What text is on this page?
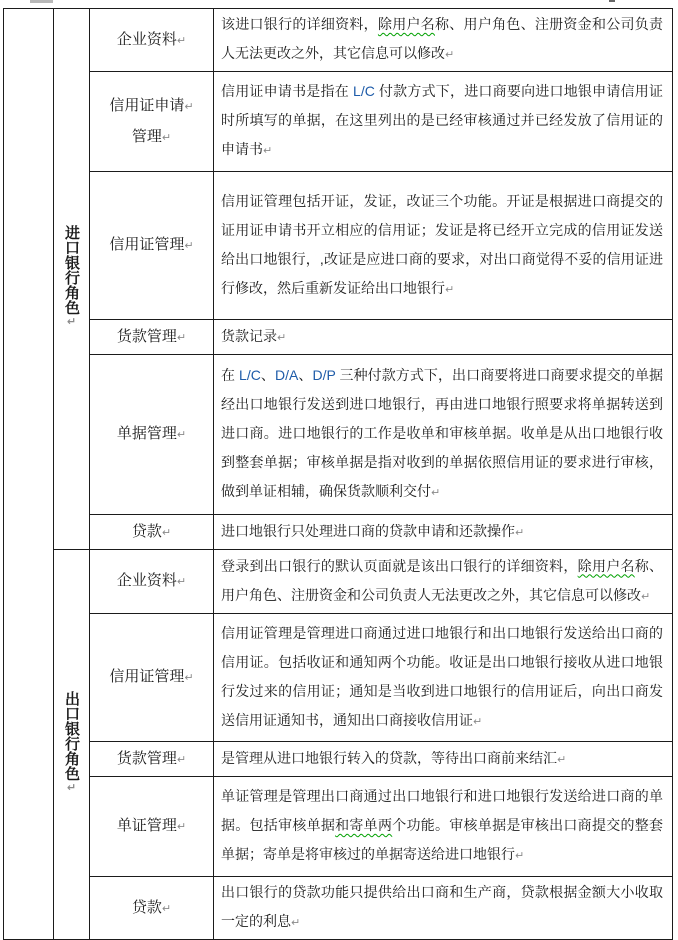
	进口银行角色↵	企业资料↵	该进口银行的详细资料，除用户名称、用户角色、注册资金和公司负责人无法更改之外，其它信息可以修改↵
		信用证申请↵
管理↵	信用证申请书是指在 L/C 付款方式下，进口商要向进口地银申请信用证时所填写的单据，在这里列出的是已经审核通过并已经发放了信用证的申请书↵
		信用证管理↵	信用证管理包括开证，发证，改证三个功能。开证是根据进口商提交的证用证申请书开立相应的信用证；发证是将已经开立完成的信用证发送给出口地银行，,改证是应进口商的要求，对出口商觉得不妥的信用证进行修改，然后重新发证给出口地银行↵
		货款管理↵	货款记录↵
		单据管理↵	在 L/C、D/A、D/P 三种付款方式下，出口商要将进口商要求提交的单据经出口地银行发送到进口地银行，再由进口地银行照要求将单据转送到进口商。进口地银行的工作是收单和审核单据。收单是从出口地银行收到整套单据；审核单据是指对收到的单据依照信用证的要求进行审核，做到单证相辅，确保货款顺利交付↵
		贷款↵	进口地银行只处理进口商的贷款申请和还款操作↵
	出口银行角色↵	企业资料↵	登录到出口银行的默认页面就是该出口银行的详细资料，除用户名称、用户角色、注册资金和公司负责人无法更改之外，其它信息可以修改↵
		信用证管理↵	信用证管理是管理进口商通过进口地银行和出口地银行发送给出口商的信用证。包括收证和通知两个功能。收证是出口地银行接收从进口地银行发过来的信用证；通知是当收到进口地银行的信用证后，向出口商发送信用证通知书，通知出口商接收信用证↵
		货款管理↵	是管理从进口地银行转入的贷款，等待出口商前来结汇↵
		单证管理↵	单证管理是管理出口商通过出口地银行和进口地银行发送给进口商的单据。包括审核单据和寄单两个功能。审核单据是审核出口商提交的整套单据；寄单是将审核过的单据寄送给进口地银行↵
		贷款↵	出口银行的贷款功能只提供给出口商和生产商，贷款根据金额大小收取一定的利息↵
